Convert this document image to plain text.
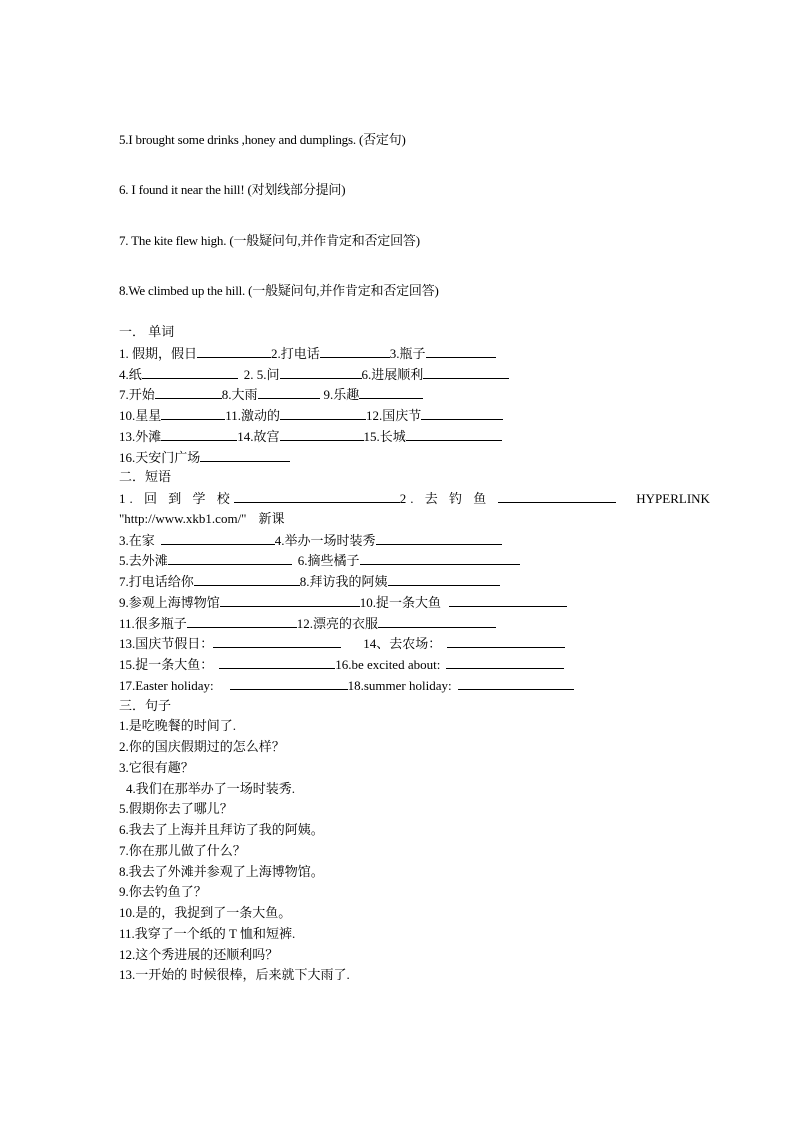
5.I brought some drinks ,honey and dumplings. (否定句)
6. I found it near the hill! (对划线部分提问)
7. The kite flew high. (一般疑问句,并作肯定和否定回答)
8.We climbed up the hill. (一般疑问句,并作肯定和否定回答)
一． 单词
1. 假期，假日	2.打电话	3.瓶子
4.纸	2. 5.问	6.进展顺利
7.开始	8.大雨	9.乐趣
10.星星	11.激动的	12.国庆节
13.外滩	14.故宫	15.长城
16.天安门广场
二．短语
1. 回 到 学 校	2. 去 钓 鱼	HYPERLINK
"http://www.xkb1.com/" 新课
3.在家	4.举办一场时装秀
5.去外滩	6.摘些橘子
7.打电话给你	8.拜访我的阿姨
9.参观上海博物馆	10.捉一条大鱼
11.很多瓶子	12.漂亮的衣服
13.国庆节假日：	14、去农场：
15.捉一条大鱼：	16.be excited about:
17.Easter holiday:	18.summer holiday:
三．句子
1.是吃晚餐的时间了.
2.你的国庆假期过的怎么样？
3.它很有趣？
4.我们在那举办了一场时装秀.
5.假期你去了哪儿？
6.我去了上海并且拜访了我的阿姨。
7.你在那儿做了什么？
8.我去了外滩并参观了上海博物馆。
9.你去钓鱼了？
10.是的，我捉到了一条大鱼。
11.我穿了一个纸的 T 恤和短裤.
12.这个秀进展的还顺利吗？
13.一开始的 时候很棒，后来就下大雨了.
